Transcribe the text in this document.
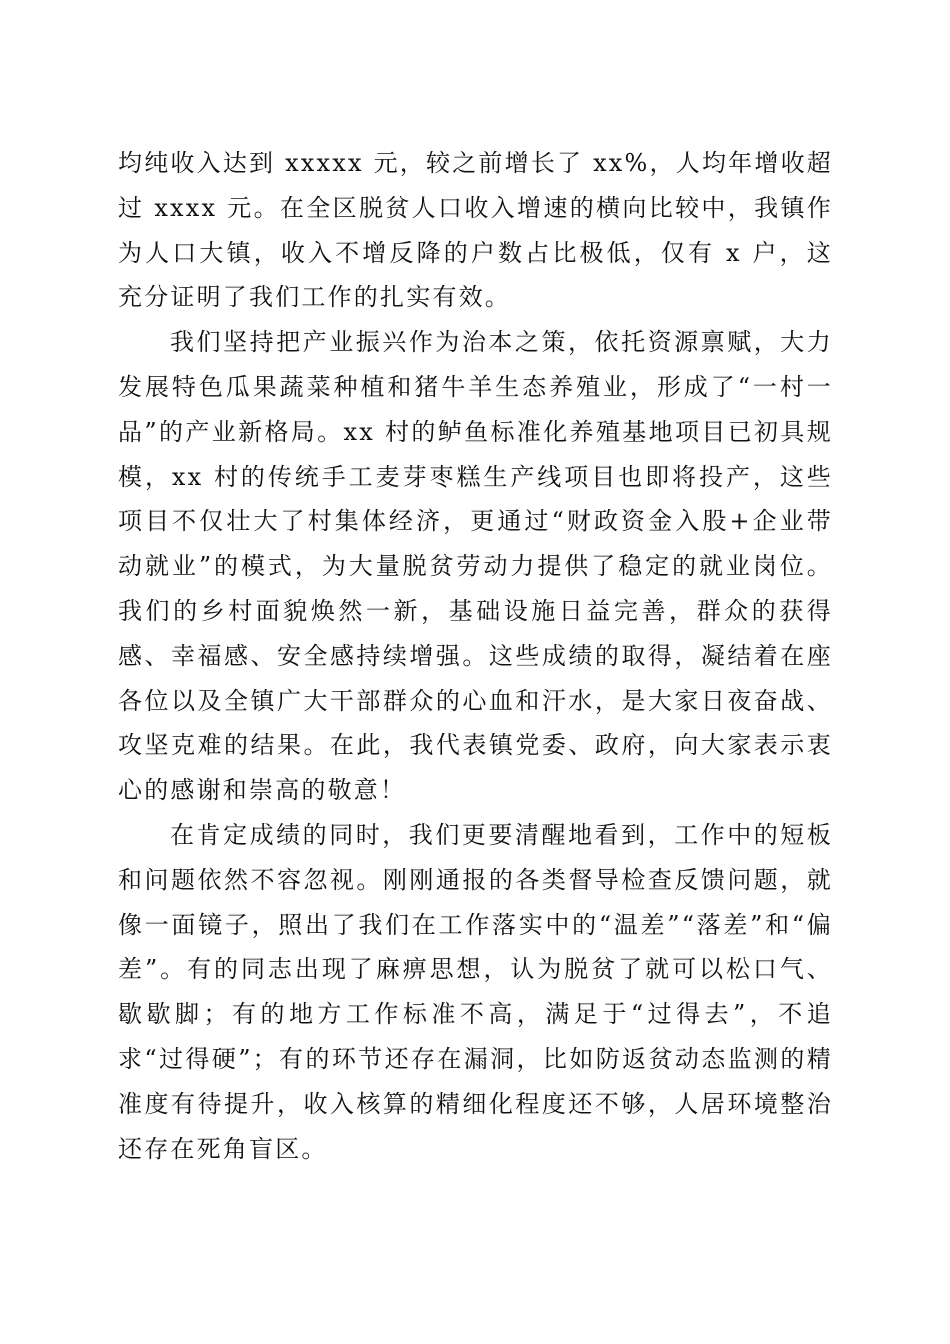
均纯收入达到 xxxxx 元，较之前增长了 xx%，人均年增收超过 xxxx 元。在全区脱贫人口收入增速的横向比较中，我镇作为人口大镇，收入不增反降的户数占比极低，仅有 x 户，这充分证明了我们工作的扎实有效。

我们坚持把产业振兴作为治本之策，依托资源禀赋，大力发展特色瓜果蔬菜种植和猪牛羊生态养殖业，形成了“一村一品”的产业新格局。xx 村的鲈鱼标准化养殖基地项目已初具规模，xx 村的传统手工麦芽枣糕生产线项目也即将投产，这些项目不仅壮大了村集体经济，更通过“财政资金入股+企业带动就业”的模式，为大量脱贫劳动力提供了稳定的就业岗位。我们的乡村面貌焕然一新，基础设施日益完善，群众的获得感、幸福感、安全感持续增强。这些成绩的取得，凝结着在座各位以及全镇广大干部群众的心血和汗水，是大家日夜奋战、攻坚克难的结果。在此，我代表镇党委、政府，向大家表示衷心的感谢和崇高的敬意！

在肯定成绩的同时，我们更要清醒地看到，工作中的短板和问题依然不容忽视。刚刚通报的各类督导检查反馈问题，就像一面镜子，照出了我们在工作落实中的“温差”“落差”和“偏差”。有的同志出现了麻痹思想，认为脱贫了就可以松口气、歇歇脚；有的地方工作标准不高，满足于“过得去”，不追求“过得硬”；有的环节还存在漏洞，比如防返贫动态监测的精准度有待提升，收入核算的精细化程度还不够，人居环境整治还存在死角盲区。
